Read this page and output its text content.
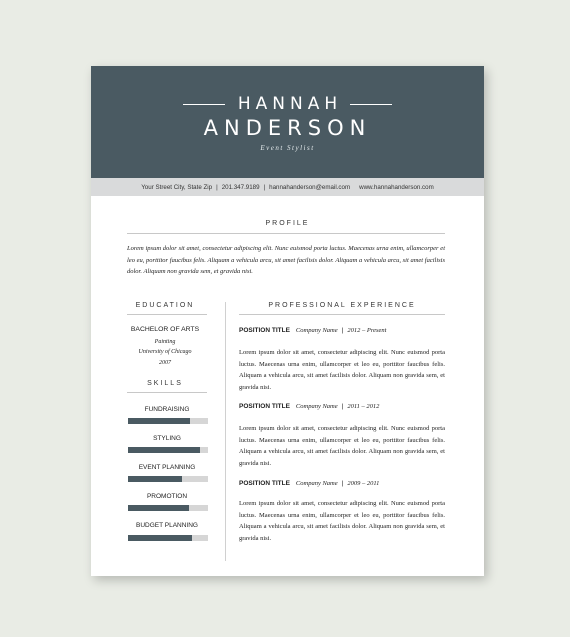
HANNAH
ANDERSON
Event Stylist
Your Street City, State Zip | 201.347.9189 | hannahanderson@email.com www.hannahanderson.com
PROFILE
Lorem ipsum dolor sit amet, consectetur adipiscing elit. Nunc euismod porta luctus. Maecenas urna enim, ullamcorper et leo eu, porttitor faucibus felis. Aliquam a vehicula arcu, sit amet facilisis dolor. Aliquam a vehicula arcu, sit amet facilisis dolor. Aliquam non gravida sem, et gravida nisi.
EDUCATION
BACHELOR OF ARTS
Painting
University of Chicago
2007
SKILLS
FUNDRAISING
STYLING
EVENT PLANNING
PROMOTION
BUDGET PLANNING
PROFESSIONAL EXPERIENCE
POSITION TITLE Company Name | 2012 – Present
Lorem ipsum dolor sit amet, consectetur adipiscing elit. Nunc euismod porta luctus. Maecenas urna enim, ullamcorper et leo eu, porttitor faucibus felis. Aliquam a vehicula arcu, sit amet facilisis dolor. Aliquam non gravida sem, et gravida nisi.
POSITION TITLE Company Name | 2011 – 2012
Lorem ipsum dolor sit amet, consectetur adipiscing elit. Nunc euismod porta luctus. Maecenas urna enim, ullamcorper et leo eu, porttitor faucibus felis. Aliquam a vehicula arcu, sit amet facilisis dolor. Aliquam non gravida sem, et gravida nisi.
POSITION TITLE Company Name | 2009 – 2011
Lorem ipsum dolor sit amet, consectetur adipiscing elit. Nunc euismod porta luctus. Maecenas urna enim, ullamcorper et leo eu, porttitor faucibus felis. Aliquam a vehicula arcu, sit amet facilisis dolor. Aliquam non gravida sem, et gravida nisi.
